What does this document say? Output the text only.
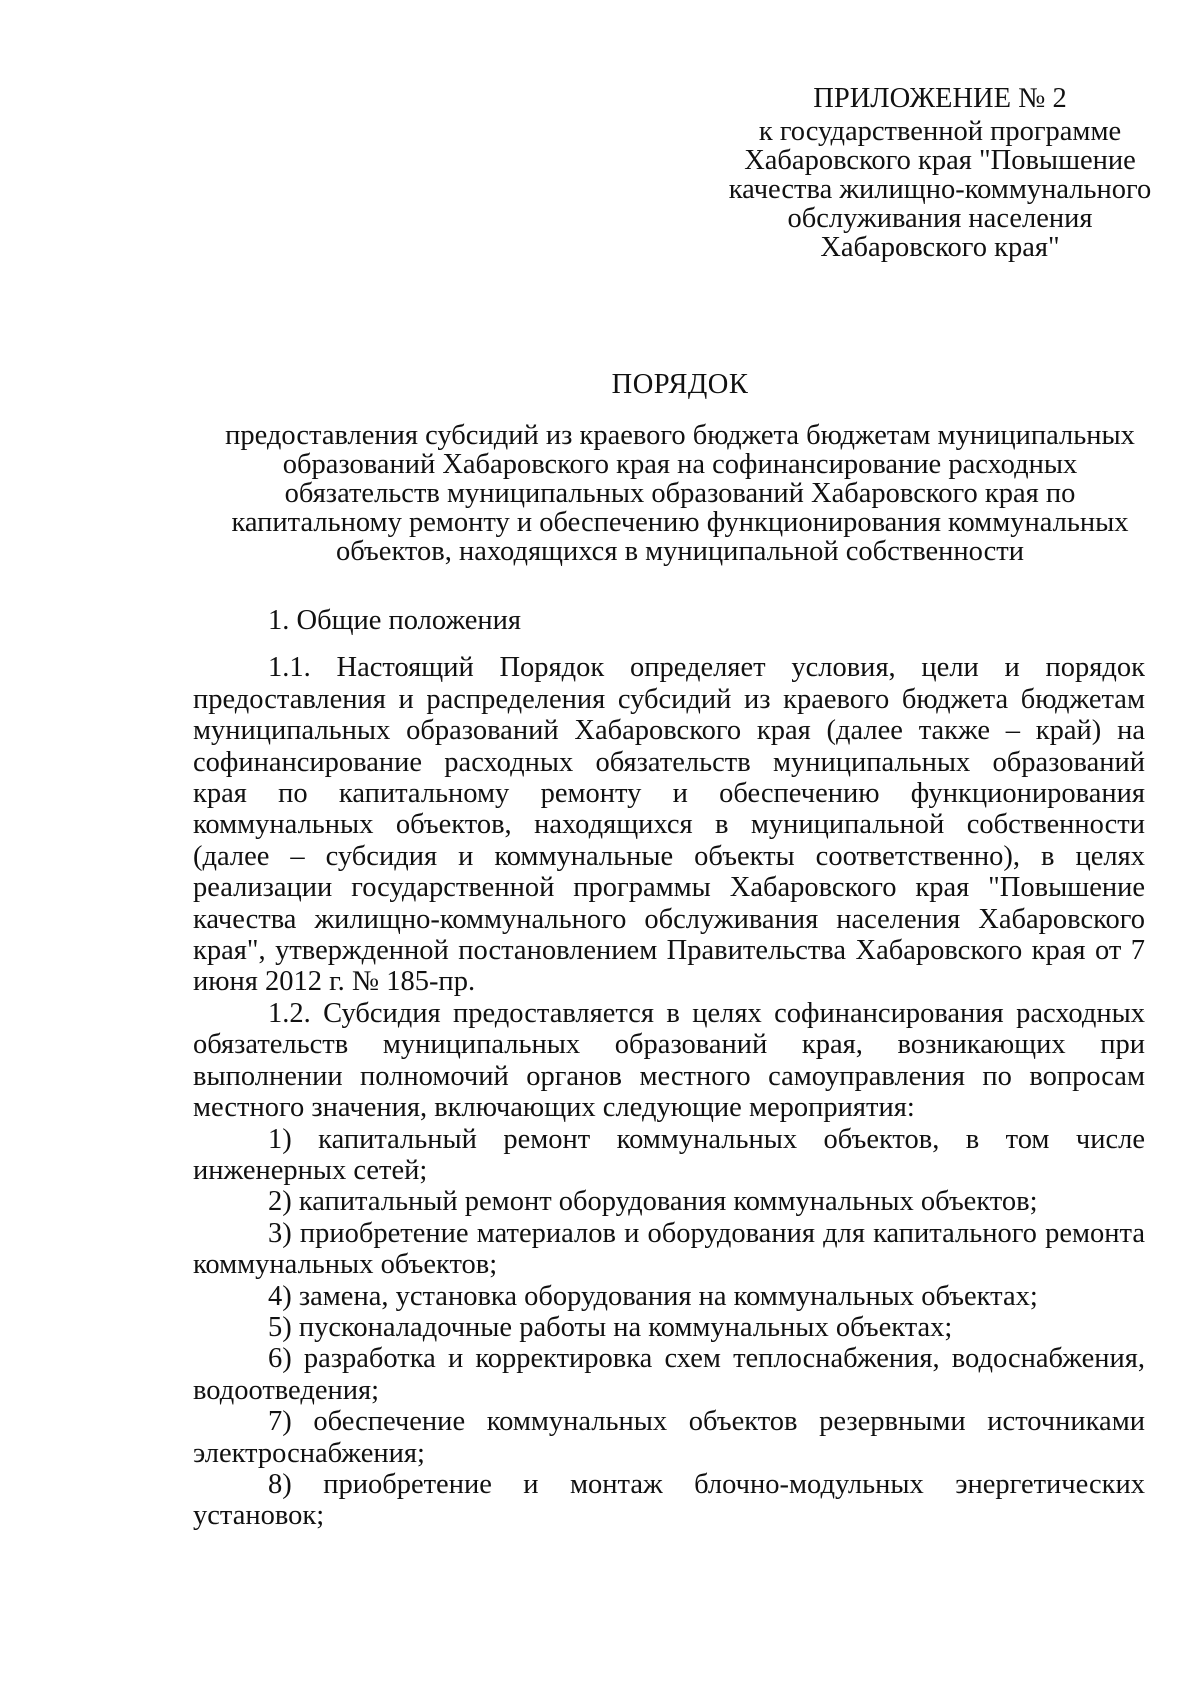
ПРИЛОЖЕНИЕ № 2
к государственной программе
Хабаровского края "Повышение
качества жилищно-коммунального
обслуживания населения
Хабаровского края"
ПОРЯДОК
предоставления субсидий из краевого бюджета бюджетам муниципальных
образований Хабаровского края на софинансирование расходных
обязательств муниципальных образований Хабаровского края по
капитальному ремонту и обеспечению функционирования коммунальных
объектов, находящихся в муниципальной собственности

1. Общие положения

1.1. Настоящий Порядок определяет условия, цели и порядок предоставления и распределения субсидий из краевого бюджета бюджетам муниципальных образований Хабаровского края (далее также – край) на софинансирование расходных обязательств муниципальных образований края по капитальному ремонту и обеспечению функционирования коммунальных объектов, находящихся в муниципальной собственности (далее – субсидия и коммунальные объекты соответственно), в целях реализации государственной программы Хабаровского края "Повышение качества жилищно-коммунального обслуживания населения Хабаровского края", утвержденной постановлением Правительства Хабаровского края от 7 июня 2012 г. № 185-пр.

1.2. Субсидия предоставляется в целях софинансирования расходных обязательств муниципальных образований края, возникающих при выполнении полномочий органов местного самоуправления по вопросам местного значения, включающих следующие мероприятия:

1) капитальный ремонт коммунальных объектов, в том числе инженерных сетей;

2) капитальный ремонт оборудования коммунальных объектов;

3) приобретение материалов и оборудования для капитального ремонта коммунальных объектов;

4) замена, установка оборудования на коммунальных объектах;

5) пусконаладочные работы на коммунальных объектах;

6) разработка и корректировка схем теплоснабжения, водоснабжения, водоотведения;

7) обеспечение коммунальных объектов резервными источниками электроснабжения;

8) приобретение и монтаж блочно-модульных энергетических установок;
